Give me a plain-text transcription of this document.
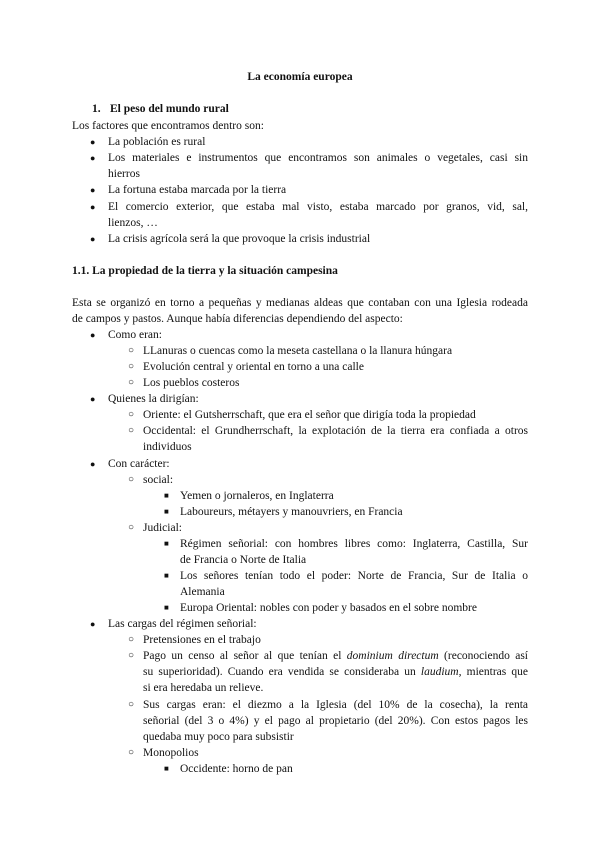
La economía europea
1. El peso del mundo rural
Los factores que encontramos dentro son:
● La población es rural
● Los materiales e instrumentos que encontramos son animales o vegetales, casi sin
hierros
● La fortuna estaba marcada por la tierra
● El comercio exterior, que estaba mal visto, estaba marcado por granos, vid, sal,
lienzos, …
● La crisis agrícola será la que provoque la crisis industrial
1.1. La propiedad de la tierra y la situación campesina
Esta se organizó en torno a pequeñas y medianas aldeas que contaban con una Iglesia rodeada
de campos y pastos. Aunque había diferencias dependiendo del aspecto:
● Como eran:
○ LLanuras o cuencas como la meseta castellana o la llanura húngara
○ Evolución central y oriental en torno a una calle
○ Los pueblos costeros
● Quienes la dirigían:
○ Oriente: el Gutsherrschaft, que era el señor que dirigía toda la propiedad
○ Occidental: el Grundherrschaft, la explotación de la tierra era confiada a otros
individuos
● Con carácter:
○ social:
■ Yemen o jornaleros, en Inglaterra
■ Laboureurs, métayers y manouvriers, en Francia
○ Judicial:
■ Régimen señorial: con hombres libres como: Inglaterra, Castilla, Sur
de Francia o Norte de Italia
■ Los señores tenían todo el poder: Norte de Francia, Sur de Italia o
Alemania
■ Europa Oriental: nobles con poder y basados en el sobre nombre
● Las cargas del régimen señorial:
○ Pretensiones en el trabajo
○ Pago un censo al señor al que tenían el dominium directum (reconociendo así
su superioridad). Cuando era vendida se consideraba un laudium, mientras que
si era heredaba un relieve.
○ Sus cargas eran: el diezmo a la Iglesia (del 10% de la cosecha), la renta
señorial (del 3 o 4%) y el pago al propietario (del 20%). Con estos pagos les
quedaba muy poco para subsistir
○ Monopolios
■ Occidente: horno de pan
